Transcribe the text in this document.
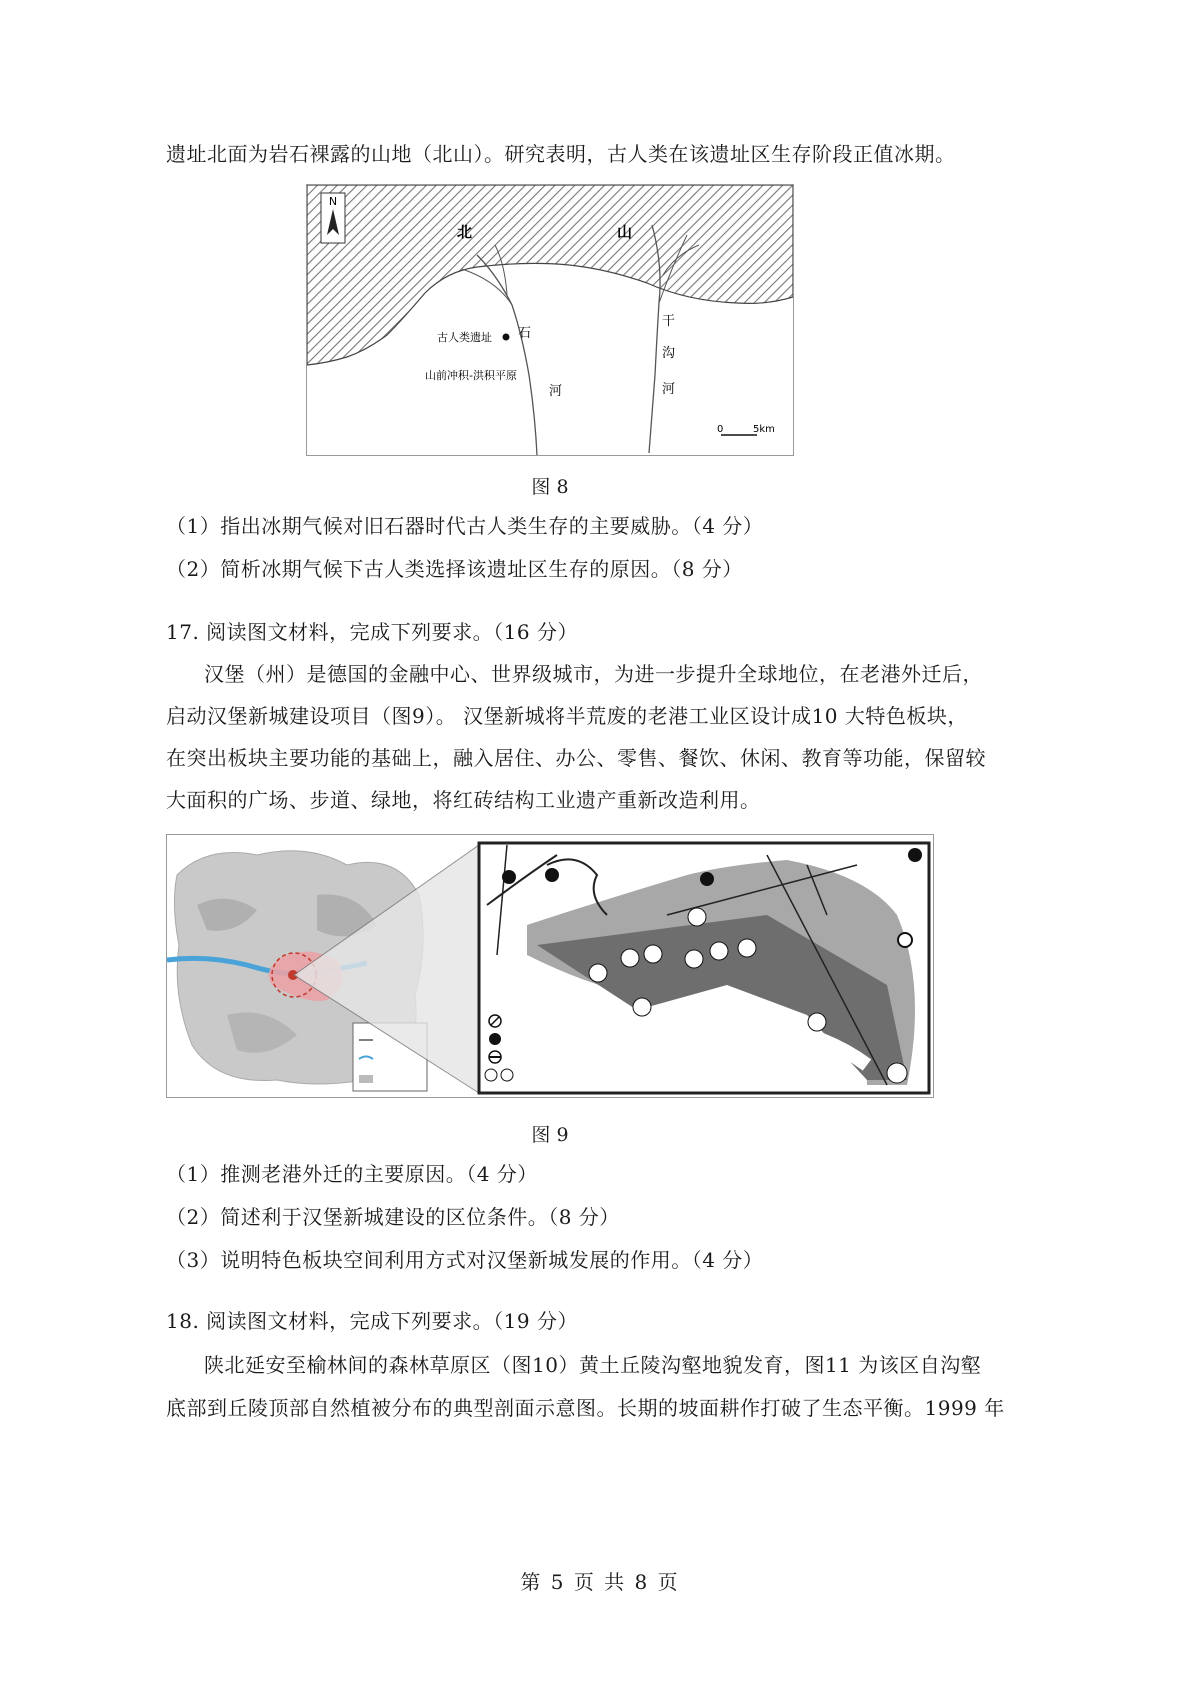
遗址北面为岩石裸露的山地（北山）。研究表明，古人类在该遗址区生存阶段正值冰期。
N
北	山
古人类遗址
山前冲积-洪积平原
石
河
干
沟
河
0	5km
图 8
（1）指出冰期气候对旧石器时代古人类生存的主要威胁。（4 分）
（2）简析冰期气候下古人类选择该遗址区生存的原因。（8 分）
17. 阅读图文材料，完成下列要求。（16 分）
汉堡（州）是德国的金融中心、世界级城市，为进一步提升全球地位，在老港外迁后，
启动汉堡新城建设项目（图9）。 汉堡新城将半荒废的老港工业区设计成10 大特色板块，
在突出板块主要功能的基础上，融入居住、办公、零售、餐饮、休闲、教育等功能，保留较
大面积的广场、步道、绿地，将红砖结构工业遗产重新改造利用。
图 9
（1）推测老港外迁的主要原因。（4 分）
（2）简述利于汉堡新城建设的区位条件。（8 分）
（3）说明特色板块空间利用方式对汉堡新城发展的作用。（4 分）
18. 阅读图文材料，完成下列要求。（19 分）
陕北延安至榆林间的森林草原区（图10）黄土丘陵沟壑地貌发育，图11 为该区自沟壑
底部到丘陵顶部自然植被分布的典型剖面示意图。长期的坡面耕作打破了生态平衡。1999 年
第 5 页 共 8 页
